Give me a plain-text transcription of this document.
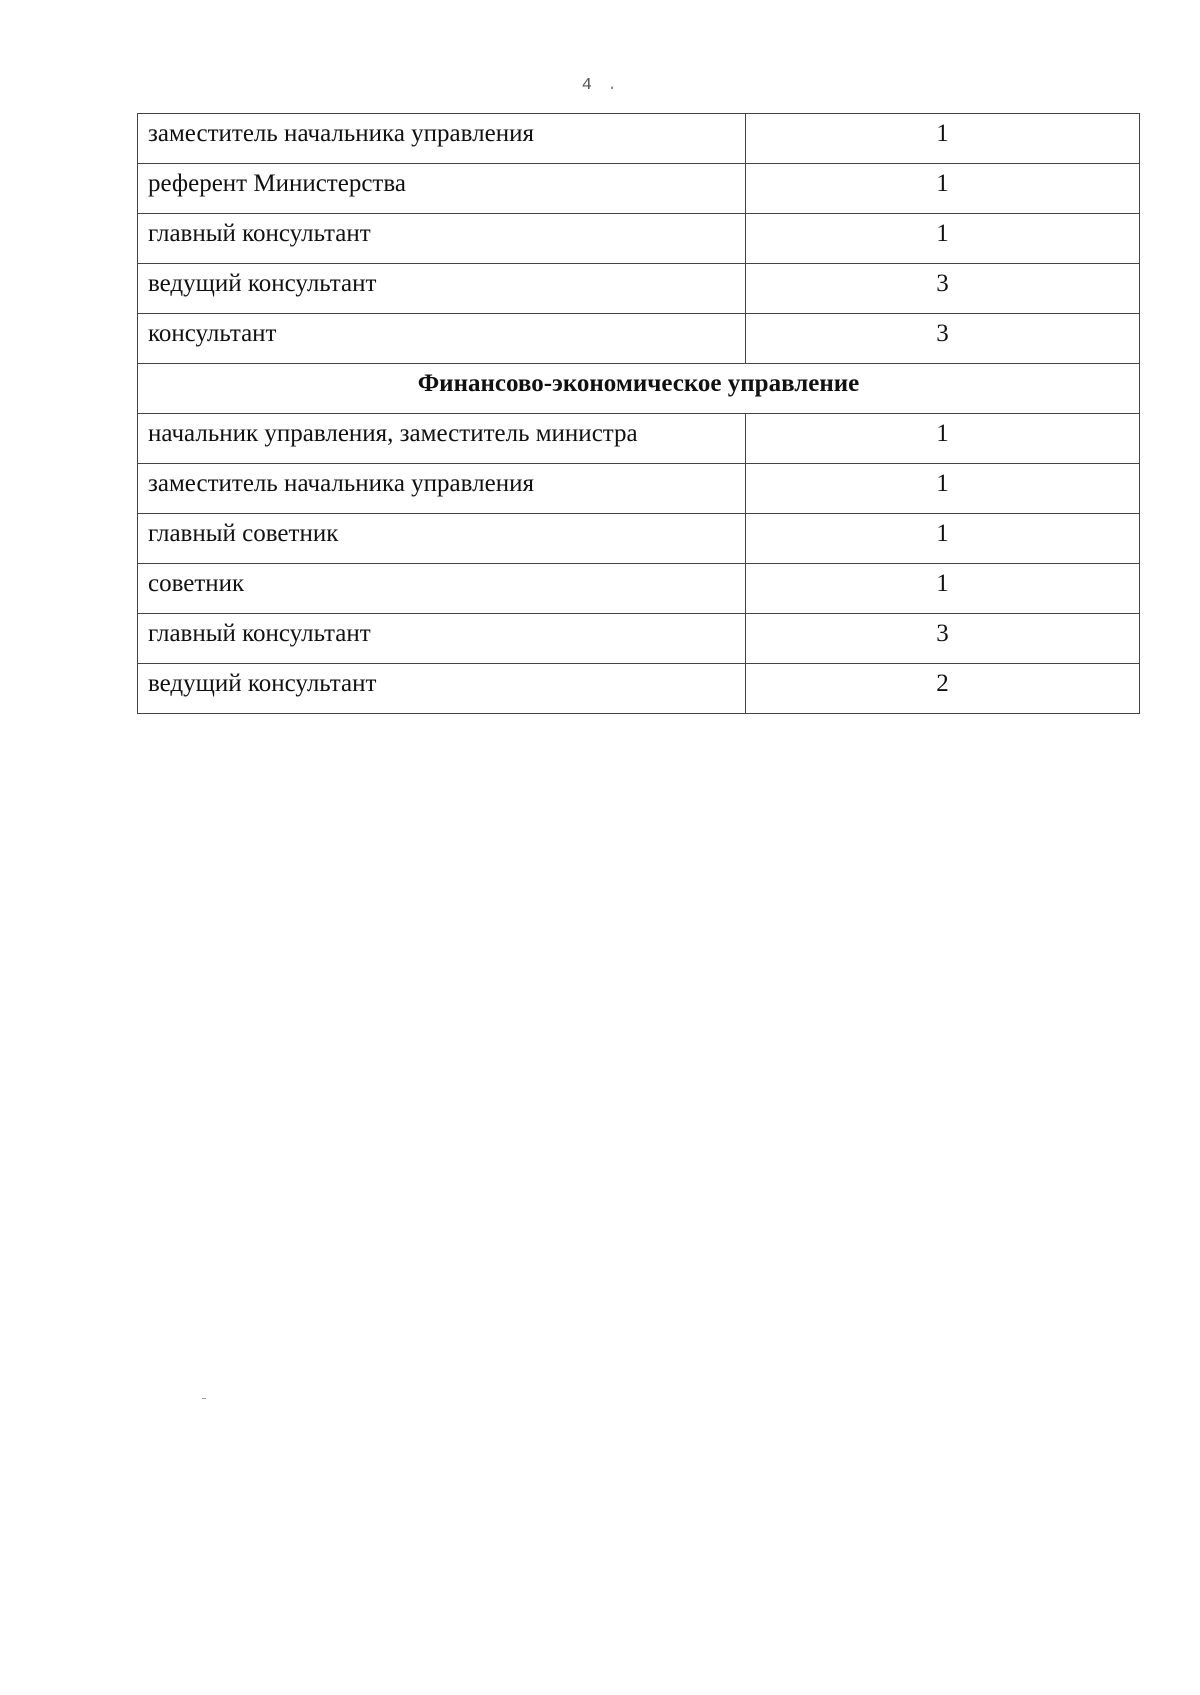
4 .
заместитель начальника управления	1
референт Министерства	1
главный консультант	1
ведущий консультант	3
консультант	3
Финансово-экономическое управление	
начальник управления, заместитель министра	1
заместитель начальника управления	1
главный советник	1
советник	1
главный консультант	3
ведущий консультант	2
